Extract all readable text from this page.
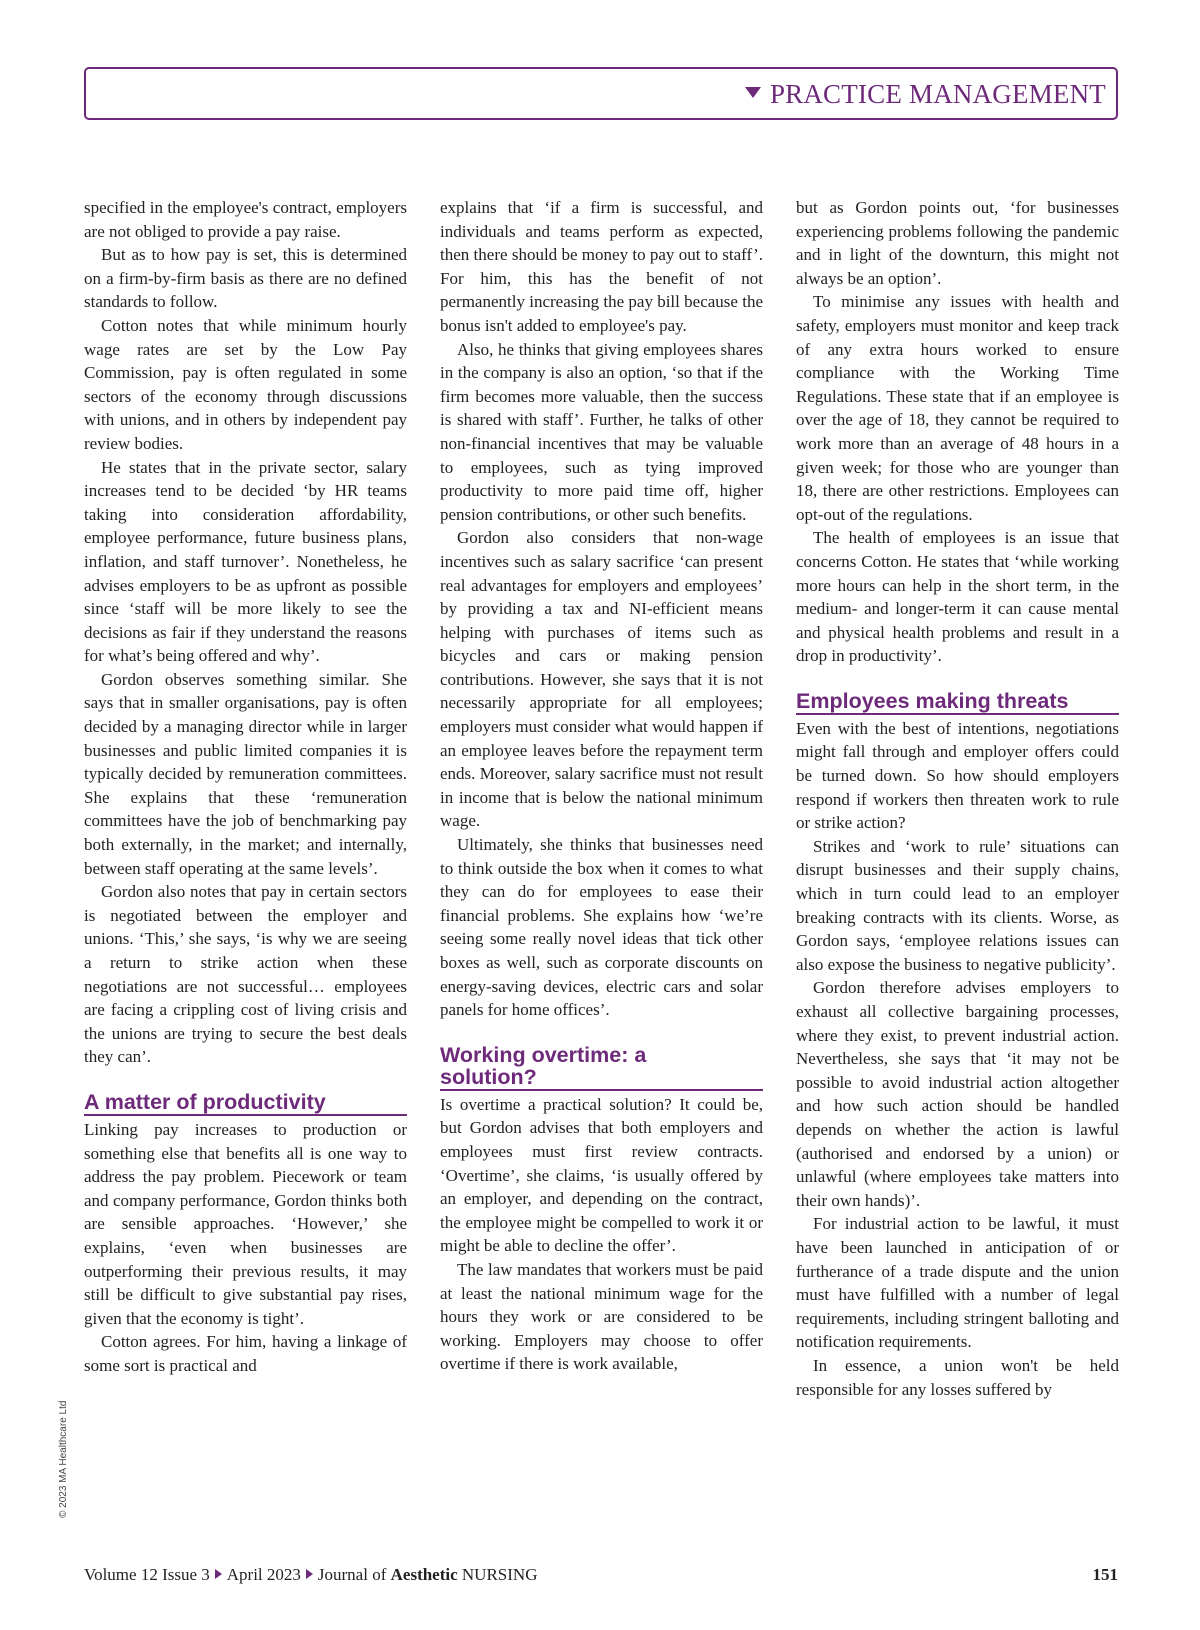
PRACTICE MANAGEMENT

specified in the employee's contract, employers are not obliged to provide a pay raise.

But as to how pay is set, this is determined on a firm-by-firm basis as there are no defined standards to follow.

Cotton notes that while minimum hourly wage rates are set by the Low Pay Commission, pay is often regulated in some sectors of the economy through discussions with unions, and in others by independent pay review bodies.

He states that in the private sector, salary increases tend to be decided ‘by HR teams taking into consideration affordability, employee performance, future business plans, inflation, and staff turnover’. Nonetheless, he advises employers to be as upfront as possible since ‘staff will be more likely to see the decisions as fair if they understand the reasons for what’s being offered and why’.

Gordon observes something similar. She says that in smaller organisations, pay is often decided by a managing director while in larger businesses and public limited companies it is typically decided by remuneration committees. She explains that these ‘remuneration committees have the job of benchmarking pay both externally, in the market; and internally, between staff operating at the same levels’.

Gordon also notes that pay in certain sectors is negotiated between the employer and unions. ‘This,’ she says, ‘is why we are seeing a return to strike action when these negotiations are not successful… employees are facing a crippling cost of living crisis and the unions are trying to secure the best deals they can’.

A matter of productivity

Linking pay increases to production or something else that benefits all is one way to address the pay problem. Piecework or team and company performance, Gordon thinks both are sensible approaches. ‘However,’ she explains, ‘even when businesses are outperforming their previous results, it may still be difficult to give substantial pay rises, given that the economy is tight’.

Cotton agrees. For him, having a linkage of some sort is practical and

explains that ‘if a firm is successful, and individuals and teams perform as expected, then there should be money to pay out to staff’. For him, this has the benefit of not permanently increasing the pay bill because the bonus isn't added to employee's pay.

Also, he thinks that giving employees shares in the company is also an option, ‘so that if the firm becomes more valuable, then the success is shared with staff’. Further, he talks of other non-financial incentives that may be valuable to employees, such as tying improved productivity to more paid time off, higher pension contributions, or other such benefits.

Gordon also considers that non-wage incentives such as salary sacrifice ‘can present real advantages for employers and employees’ by providing a tax and NI-efficient means helping with purchases of items such as bicycles and cars or making pension contributions. However, she says that it is not necessarily appropriate for all employees; employers must consider what would happen if an employee leaves before the repayment term ends. Moreover, salary sacrifice must not result in income that is below the national minimum wage.

Ultimately, she thinks that businesses need to think outside the box when it comes to what they can do for employees to ease their financial problems. She explains how ‘we’re seeing some really novel ideas that tick other boxes as well, such as corporate discounts on energy-saving devices, electric cars and solar panels for home offices’.

Working overtime: a solution?

Is overtime a practical solution? It could be, but Gordon advises that both employers and employees must first review contracts. ‘Overtime’, she claims, ‘is usually offered by an employer, and depending on the contract, the employee might be compelled to work it or might be able to decline the offer’.

The law mandates that workers must be paid at least the national minimum wage for the hours they work or are considered to be working. Employers may choose to offer overtime if there is work available,

but as Gordon points out, ‘for businesses experiencing problems following the pandemic and in light of the downturn, this might not always be an option’.

To minimise any issues with health and safety, employers must monitor and keep track of any extra hours worked to ensure compliance with the Working Time Regulations. These state that if an employee is over the age of 18, they cannot be required to work more than an average of 48 hours in a given week; for those who are younger than 18, there are other restrictions. Employees can opt-out of the regulations.

The health of employees is an issue that concerns Cotton. He states that ‘while working more hours can help in the short term, in the medium- and longer-term it can cause mental and physical health problems and result in a drop in productivity’.

Employees making threats

Even with the best of intentions, negotiations might fall through and employer offers could be turned down. So how should employers respond if workers then threaten work to rule or strike action?

Strikes and ‘work to rule’ situations can disrupt businesses and their supply chains, which in turn could lead to an employer breaking contracts with its clients. Worse, as Gordon says, ‘employee relations issues can also expose the business to negative publicity’.

Gordon therefore advises employers to exhaust all collective bargaining processes, where they exist, to prevent industrial action. Nevertheless, she says that ‘it may not be possible to avoid industrial action altogether and how such action should be handled depends on whether the action is lawful (authorised and endorsed by a union) or unlawful (where employees take matters into their own hands)’.

For industrial action to be lawful, it must have been launched in anticipation of or furtherance of a trade dispute and the union must have fulfilled with a number of legal requirements, including stringent balloting and notification requirements.

In essence, a union won't be held responsible for any losses suffered by

© 2023 MA Healthcare Ltd
Volume 12 Issue 3 April 2023 Journal of Aesthetic NURSING	151
